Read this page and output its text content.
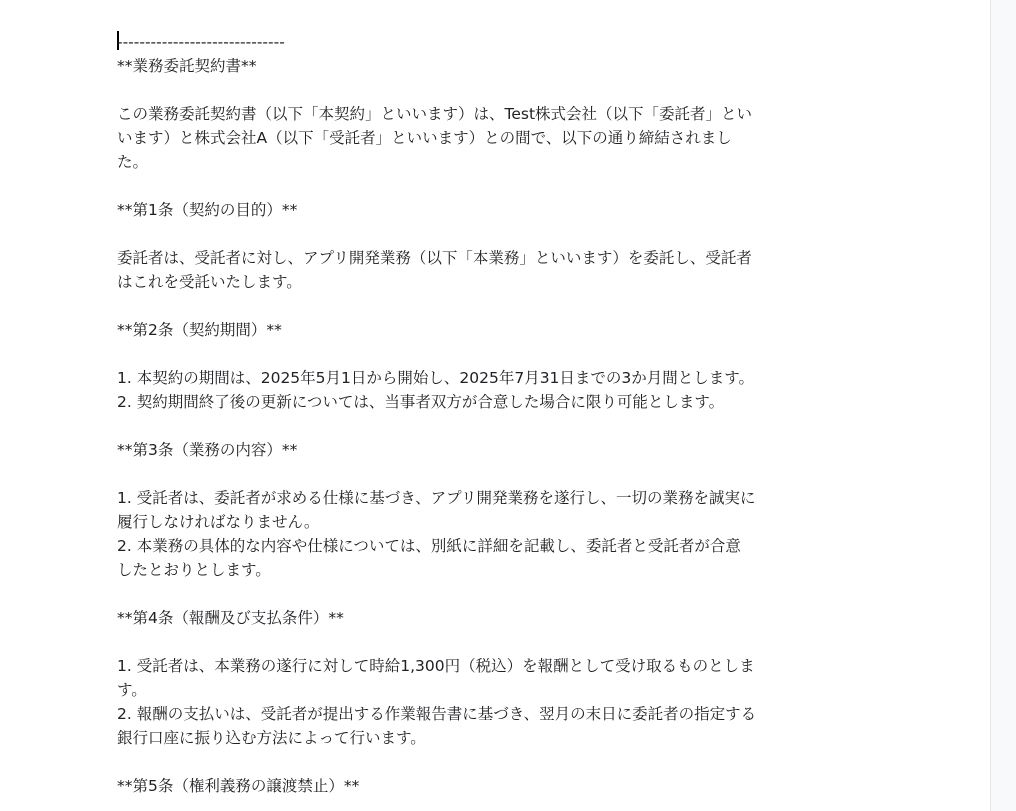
------------------------------
**業務委託契約書**
この業務委託契約書（以下「本契約」といいます）は、Test株式会社（以下「委託者」とい
います）と株式会社A（以下「受託者」といいます）との間で、以下の通り締結されまし
た。
**第1条（契約の目的）**
委託者は、受託者に対し、アプリ開発業務（以下「本業務」といいます）を委託し、受託者
はこれを受託いたします。
**第2条（契約期間）**
1. 本契約の期間は、2025年5月1日から開始し、2025年7月31日までの3か月間とします。
2. 契約期間終了後の更新については、当事者双方が合意した場合に限り可能とします。
**第3条（業務の内容）**
1. 受託者は、委託者が求める仕様に基づき、アプリ開発業務を遂行し、一切の業務を誠実に
履行しなければなりません。
2. 本業務の具体的な内容や仕様については、別紙に詳細を記載し、委託者と受託者が合意
したとおりとします。
**第4条（報酬及び支払条件）**
1. 受託者は、本業務の遂行に対して時給1,300円（税込）を報酬として受け取るものとしま
す。
2. 報酬の支払いは、受託者が提出する作業報告書に基づき、翌月の末日に委託者の指定する
銀行口座に振り込む方法によって行います。
**第5条（権利義務の譲渡禁止）**
